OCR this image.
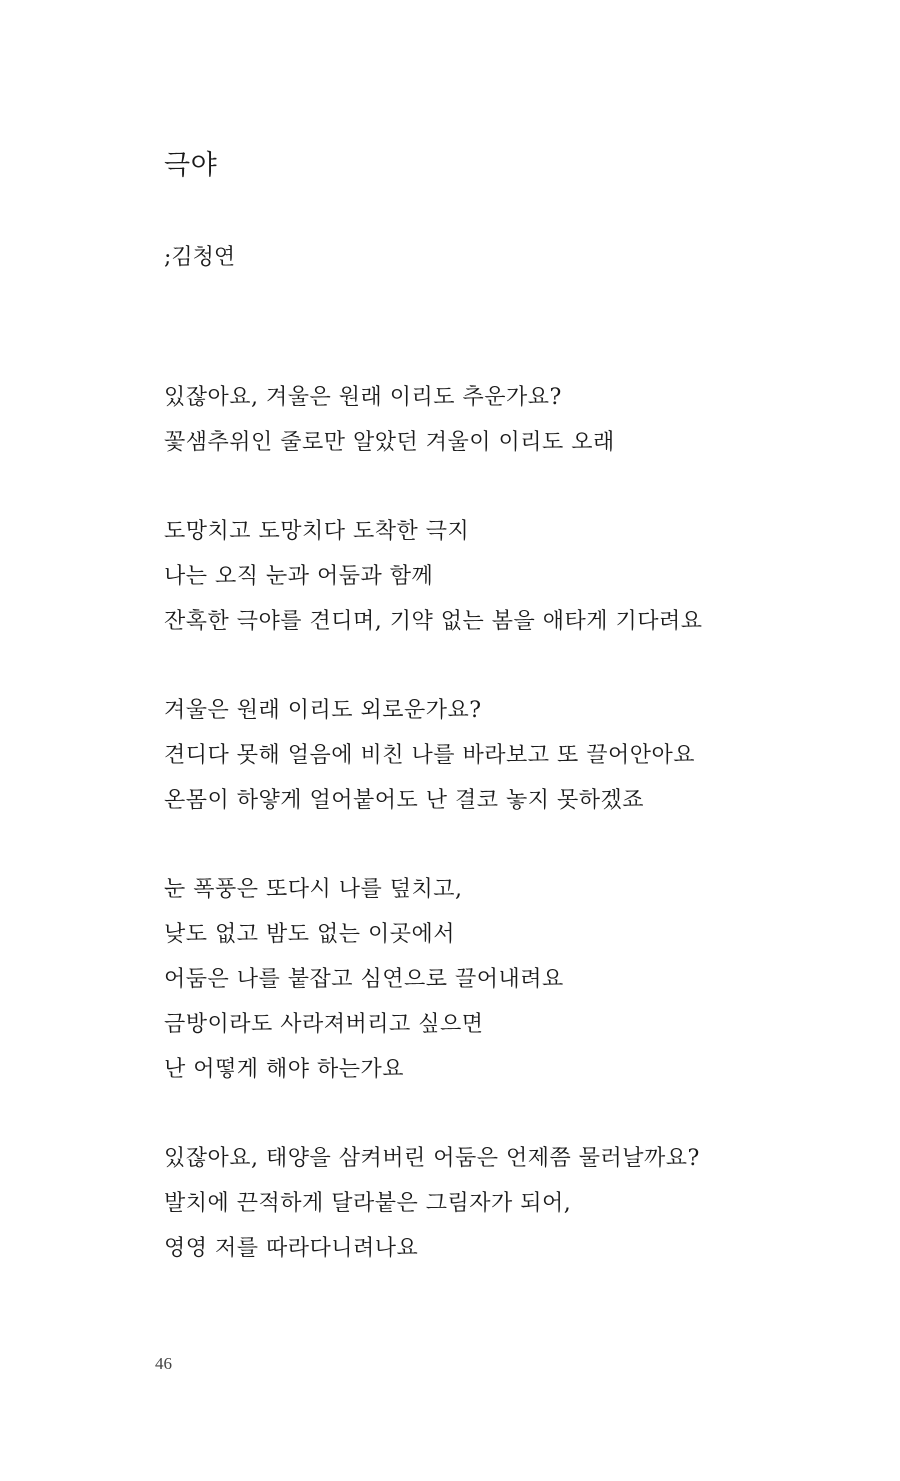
극야

;김청연

있잖아요, 겨울은 원래 이리도 추운가요?
꽃샘추위인 줄로만 알았던 겨울이 이리도 오래
도망치고 도망치다 도착한 극지
나는 오직 눈과 어둠과 함께
잔혹한 극야를 견디며, 기약 없는 봄을 애타게 기다려요
겨울은 원래 이리도 외로운가요?
견디다 못해 얼음에 비친 나를 바라보고 또 끌어안아요
온몸이 하얗게 얼어붙어도 난 결코 놓지 못하겠죠
눈 폭풍은 또다시 나를 덮치고,
낮도 없고 밤도 없는 이곳에서
어둠은 나를 붙잡고 심연으로 끌어내려요
금방이라도 사라져버리고 싶으면
난 어떻게 해야 하는가요
있잖아요, 태양을 삼켜버린 어둠은 언제쯤 물러날까요?
발치에 끈적하게 달라붙은 그림자가 되어,
영영 저를 따라다니려나요
46
